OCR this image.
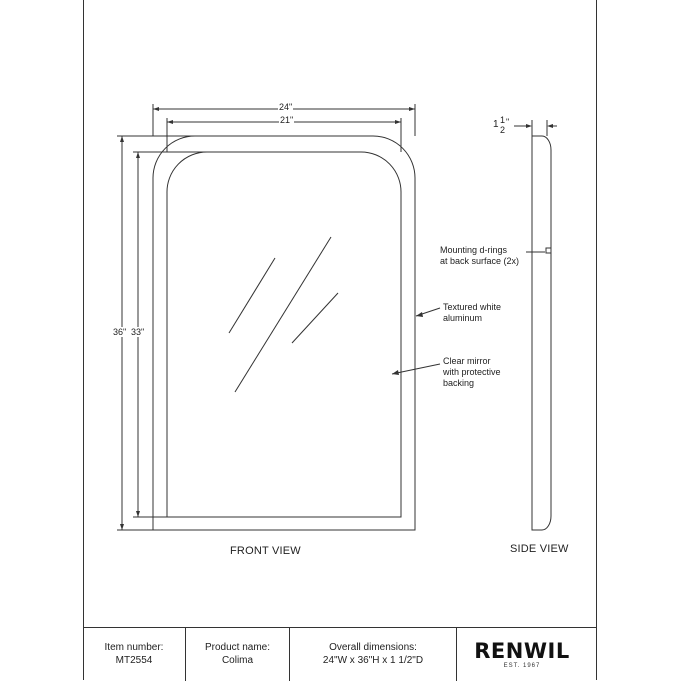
24"
21"
36" 33"
1 1
2
"
Mounting d-rings
at back surface (2x)
Textured white
aluminum
Clear mirror
with protective
backing
FRONT VIEW	SIDE VIEW
Item number:
MT2554
Product name:
Colima
Overall dimensions:
24"W x 36"H x 1 1/2"D	RENWIL
EST. 1967
